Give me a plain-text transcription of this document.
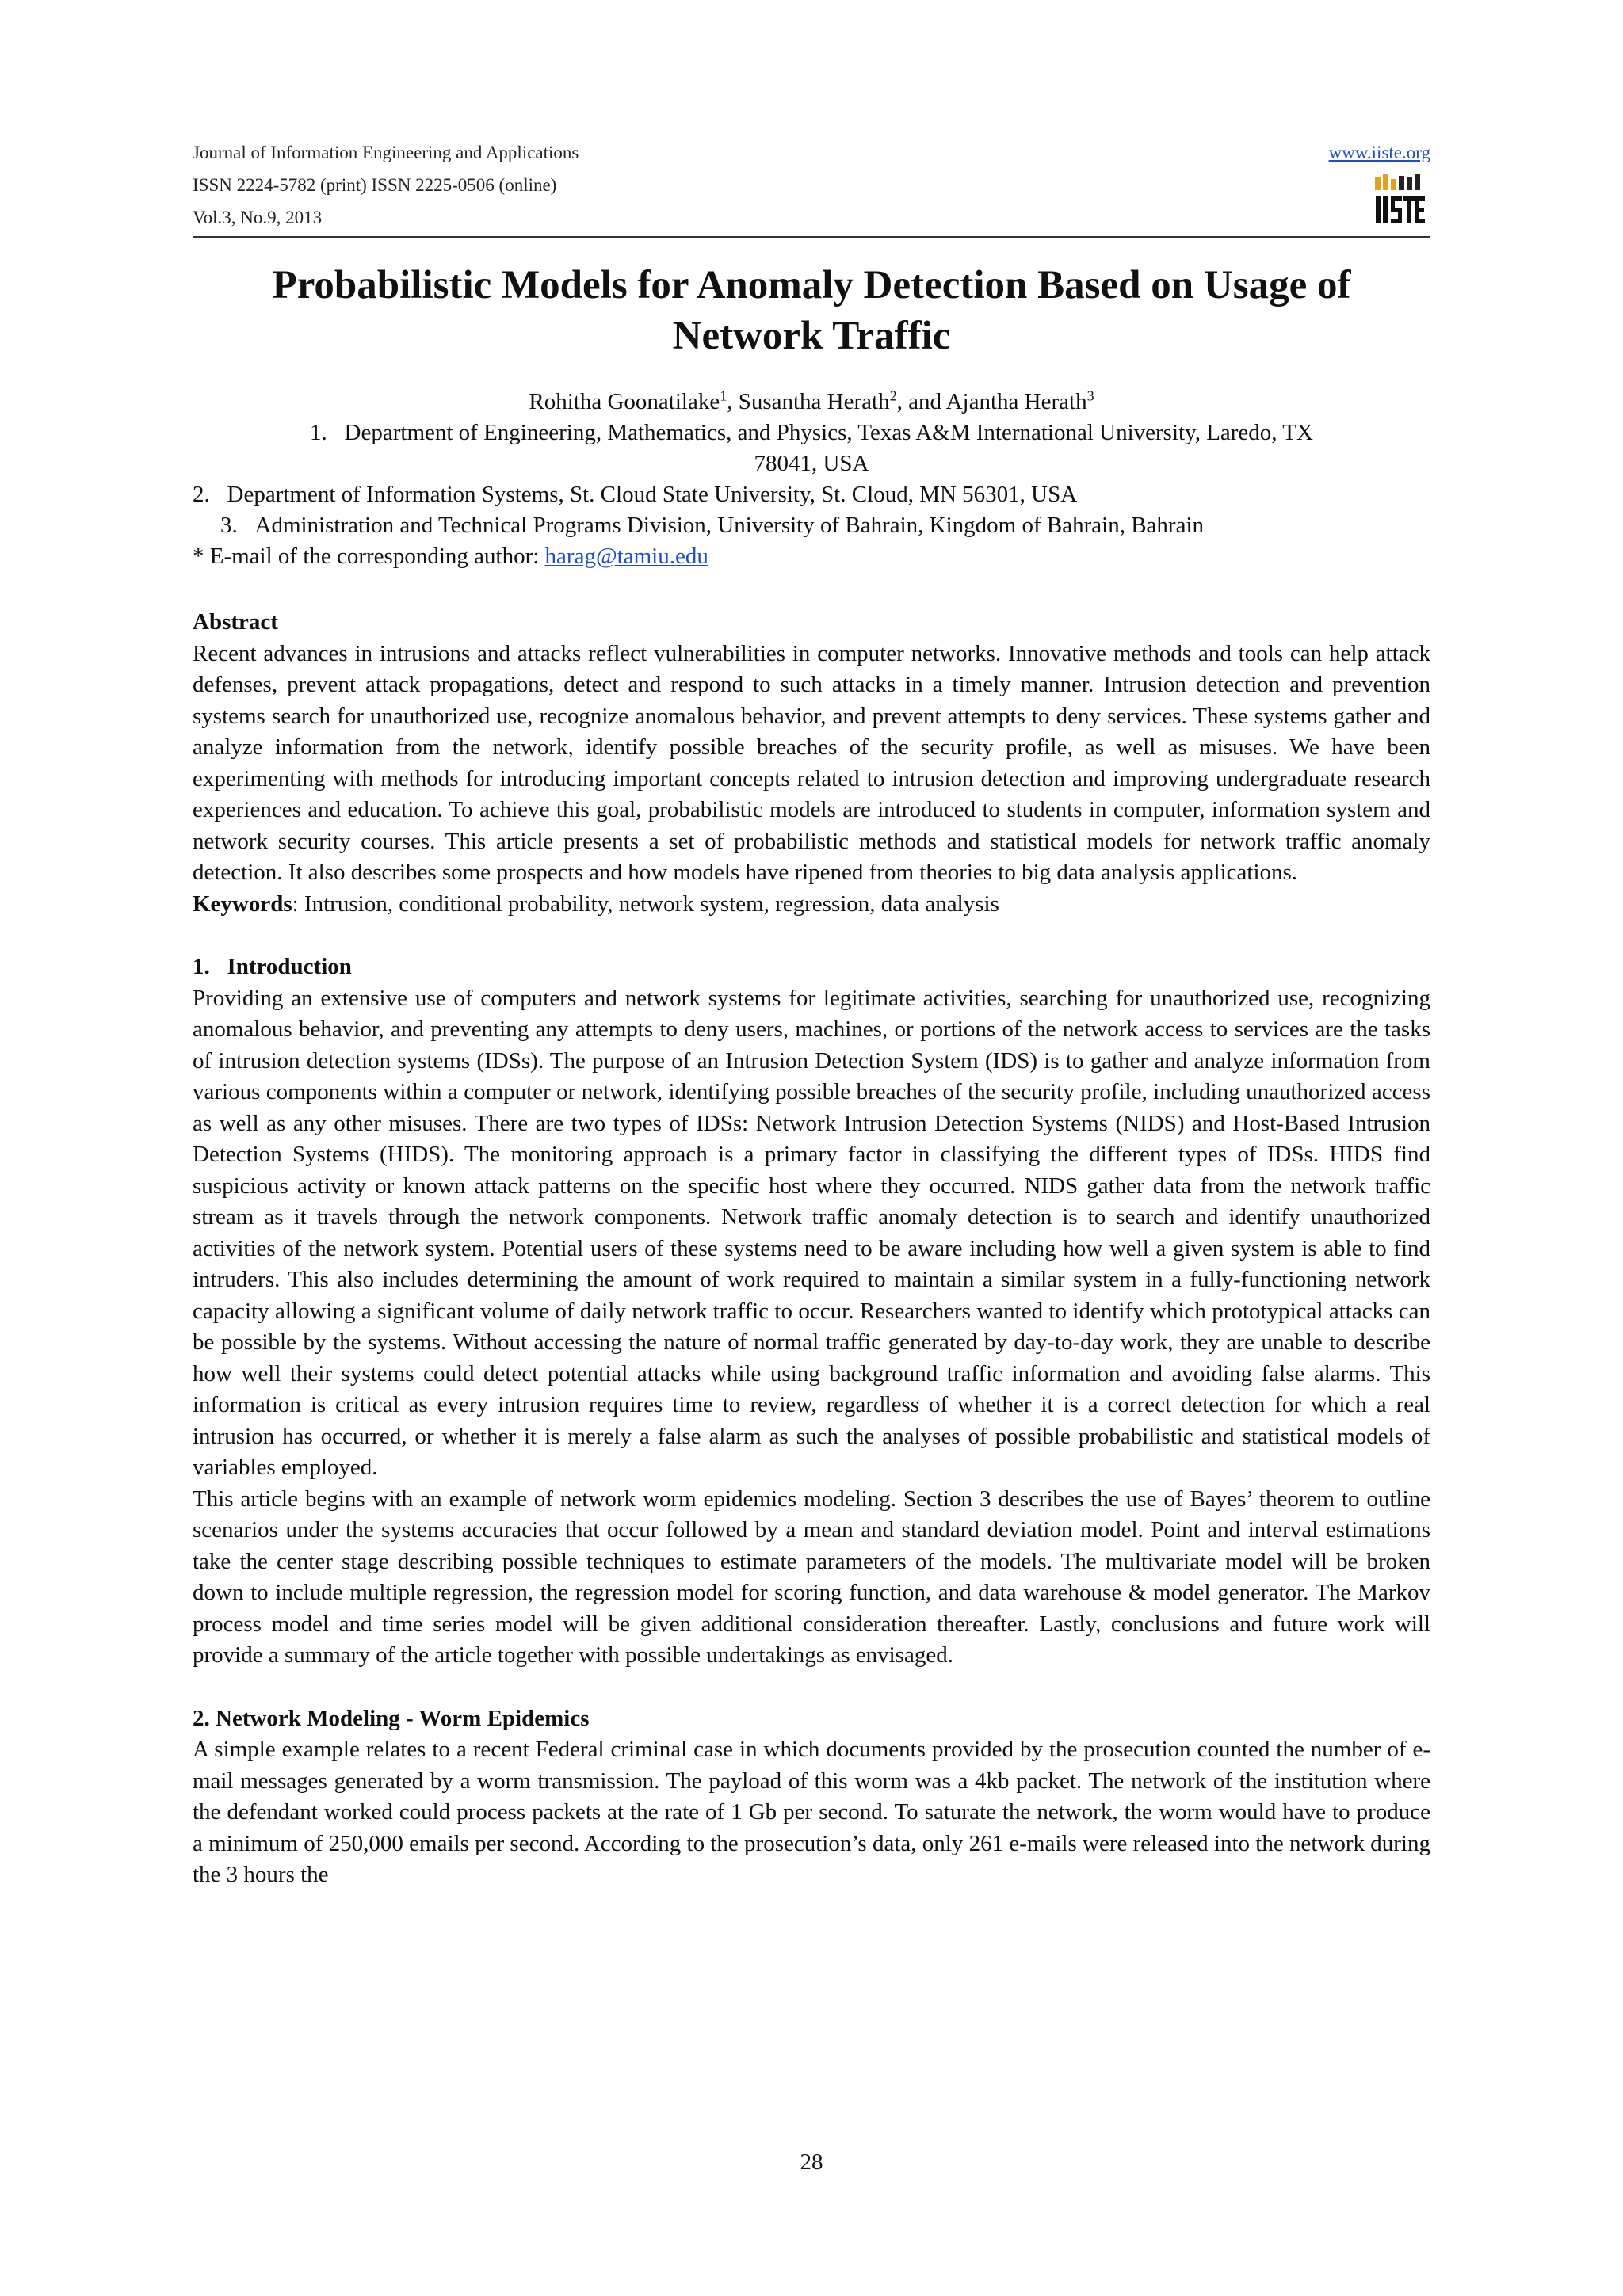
Journal of Information Engineering and Applications
ISSN 2224-5782 (print) ISSN 2225-0506 (online)
Vol.3, No.9, 2013
www.iiste.org
Probabilistic Models for Anomaly Detection Based on Usage of
Network Traffic
Rohitha Goonatilake$^1$, Susantha Herath$^2$, and Ajantha Herath$^3$
1.   Department of Engineering, Mathematics, and Physics, Texas A&M International University, Laredo, TX
78041, USA
2.   Department of Information Systems, St. Cloud State University, St. Cloud, MN 56301, USA
3.   Administration and Technical Programs Division, University of Bahrain, Kingdom of Bahrain, Bahrain
* E-mail of the corresponding author: harag@tamiu.edu

Abstract

Recent advances in intrusions and attacks reflect vulnerabilities in computer networks. Innovative methods and tools can help attack defenses, prevent attack propagations, detect and respond to such attacks in a timely manner. Intrusion detection and prevention systems search for unauthorized use, recognize anomalous behavior, and prevent attempts to deny services. These systems gather and analyze information from the network, identify possible breaches of the security profile, as well as misuses. We have been experimenting with methods for introducing important concepts related to intrusion detection and improving undergraduate research experiences and education. To achieve this goal, probabilistic models are introduced to students in computer, information system and network security courses. This article presents a set of probabilistic methods and statistical models for network traffic anomaly detection. It also describes some prospects and how models have ripened from theories to big data analysis applications.

Keywords: Intrusion, conditional probability, network system, regression, data analysis

1.   Introduction

Providing an extensive use of computers and network systems for legitimate activities, searching for unauthorized use, recognizing anomalous behavior, and preventing any attempts to deny users, machines, or portions of the network access to services are the tasks of intrusion detection systems (IDSs). The purpose of an Intrusion Detection System (IDS) is to gather and analyze information from various components within a computer or network, identifying possible breaches of the security profile, including unauthorized access as well as any other misuses. There are two types of IDSs: Network Intrusion Detection Systems (NIDS) and Host-Based Intrusion Detection Systems (HIDS). The monitoring approach is a primary factor in classifying the different types of IDSs. HIDS find suspicious activity or known attack patterns on the specific host where they occurred. NIDS gather data from the network traffic stream as it travels through the network components. Network traffic anomaly detection is to search and identify unauthorized activities of the network system. Potential users of these systems need to be aware including how well a given system is able to find intruders. This also includes determining the amount of work required to maintain a similar system in a fully-functioning network capacity allowing a significant volume of daily network traffic to occur. Researchers wanted to identify which prototypical attacks can be possible by the systems. Without accessing the nature of normal traffic generated by day-to-day work, they are unable to describe how well their systems could detect potential attacks while using background traffic information and avoiding false alarms. This information is critical as every intrusion requires time to review, regardless of whether it is a correct detection for which a real intrusion has occurred, or whether it is merely a false alarm as such the analyses of possible probabilistic and statistical models of variables employed.

This article begins with an example of network worm epidemics modeling. Section 3 describes the use of Bayes’ theorem to outline scenarios under the systems accuracies that occur followed by a mean and standard deviation model. Point and interval estimations take the center stage describing possible techniques to estimate parameters of the models. The multivariate model will be broken down to include multiple regression, the regression model for scoring function, and data warehouse & model generator. The Markov process model and time series model will be given additional consideration thereafter. Lastly, conclusions and future work will provide a summary of the article together with possible undertakings as envisaged.

2. Network Modeling - Worm Epidemics

A simple example relates to a recent Federal criminal case in which documents provided by the prosecution counted the number of e-mail messages generated by a worm transmission. The payload of this worm was a 4kb packet. The network of the institution where the defendant worked could process packets at the rate of 1 Gb per second. To saturate the network, the worm would have to produce a minimum of 250,000 emails per second. According to the prosecution’s data, only 261 e-mails were released into the network during the 3 hours the

28
